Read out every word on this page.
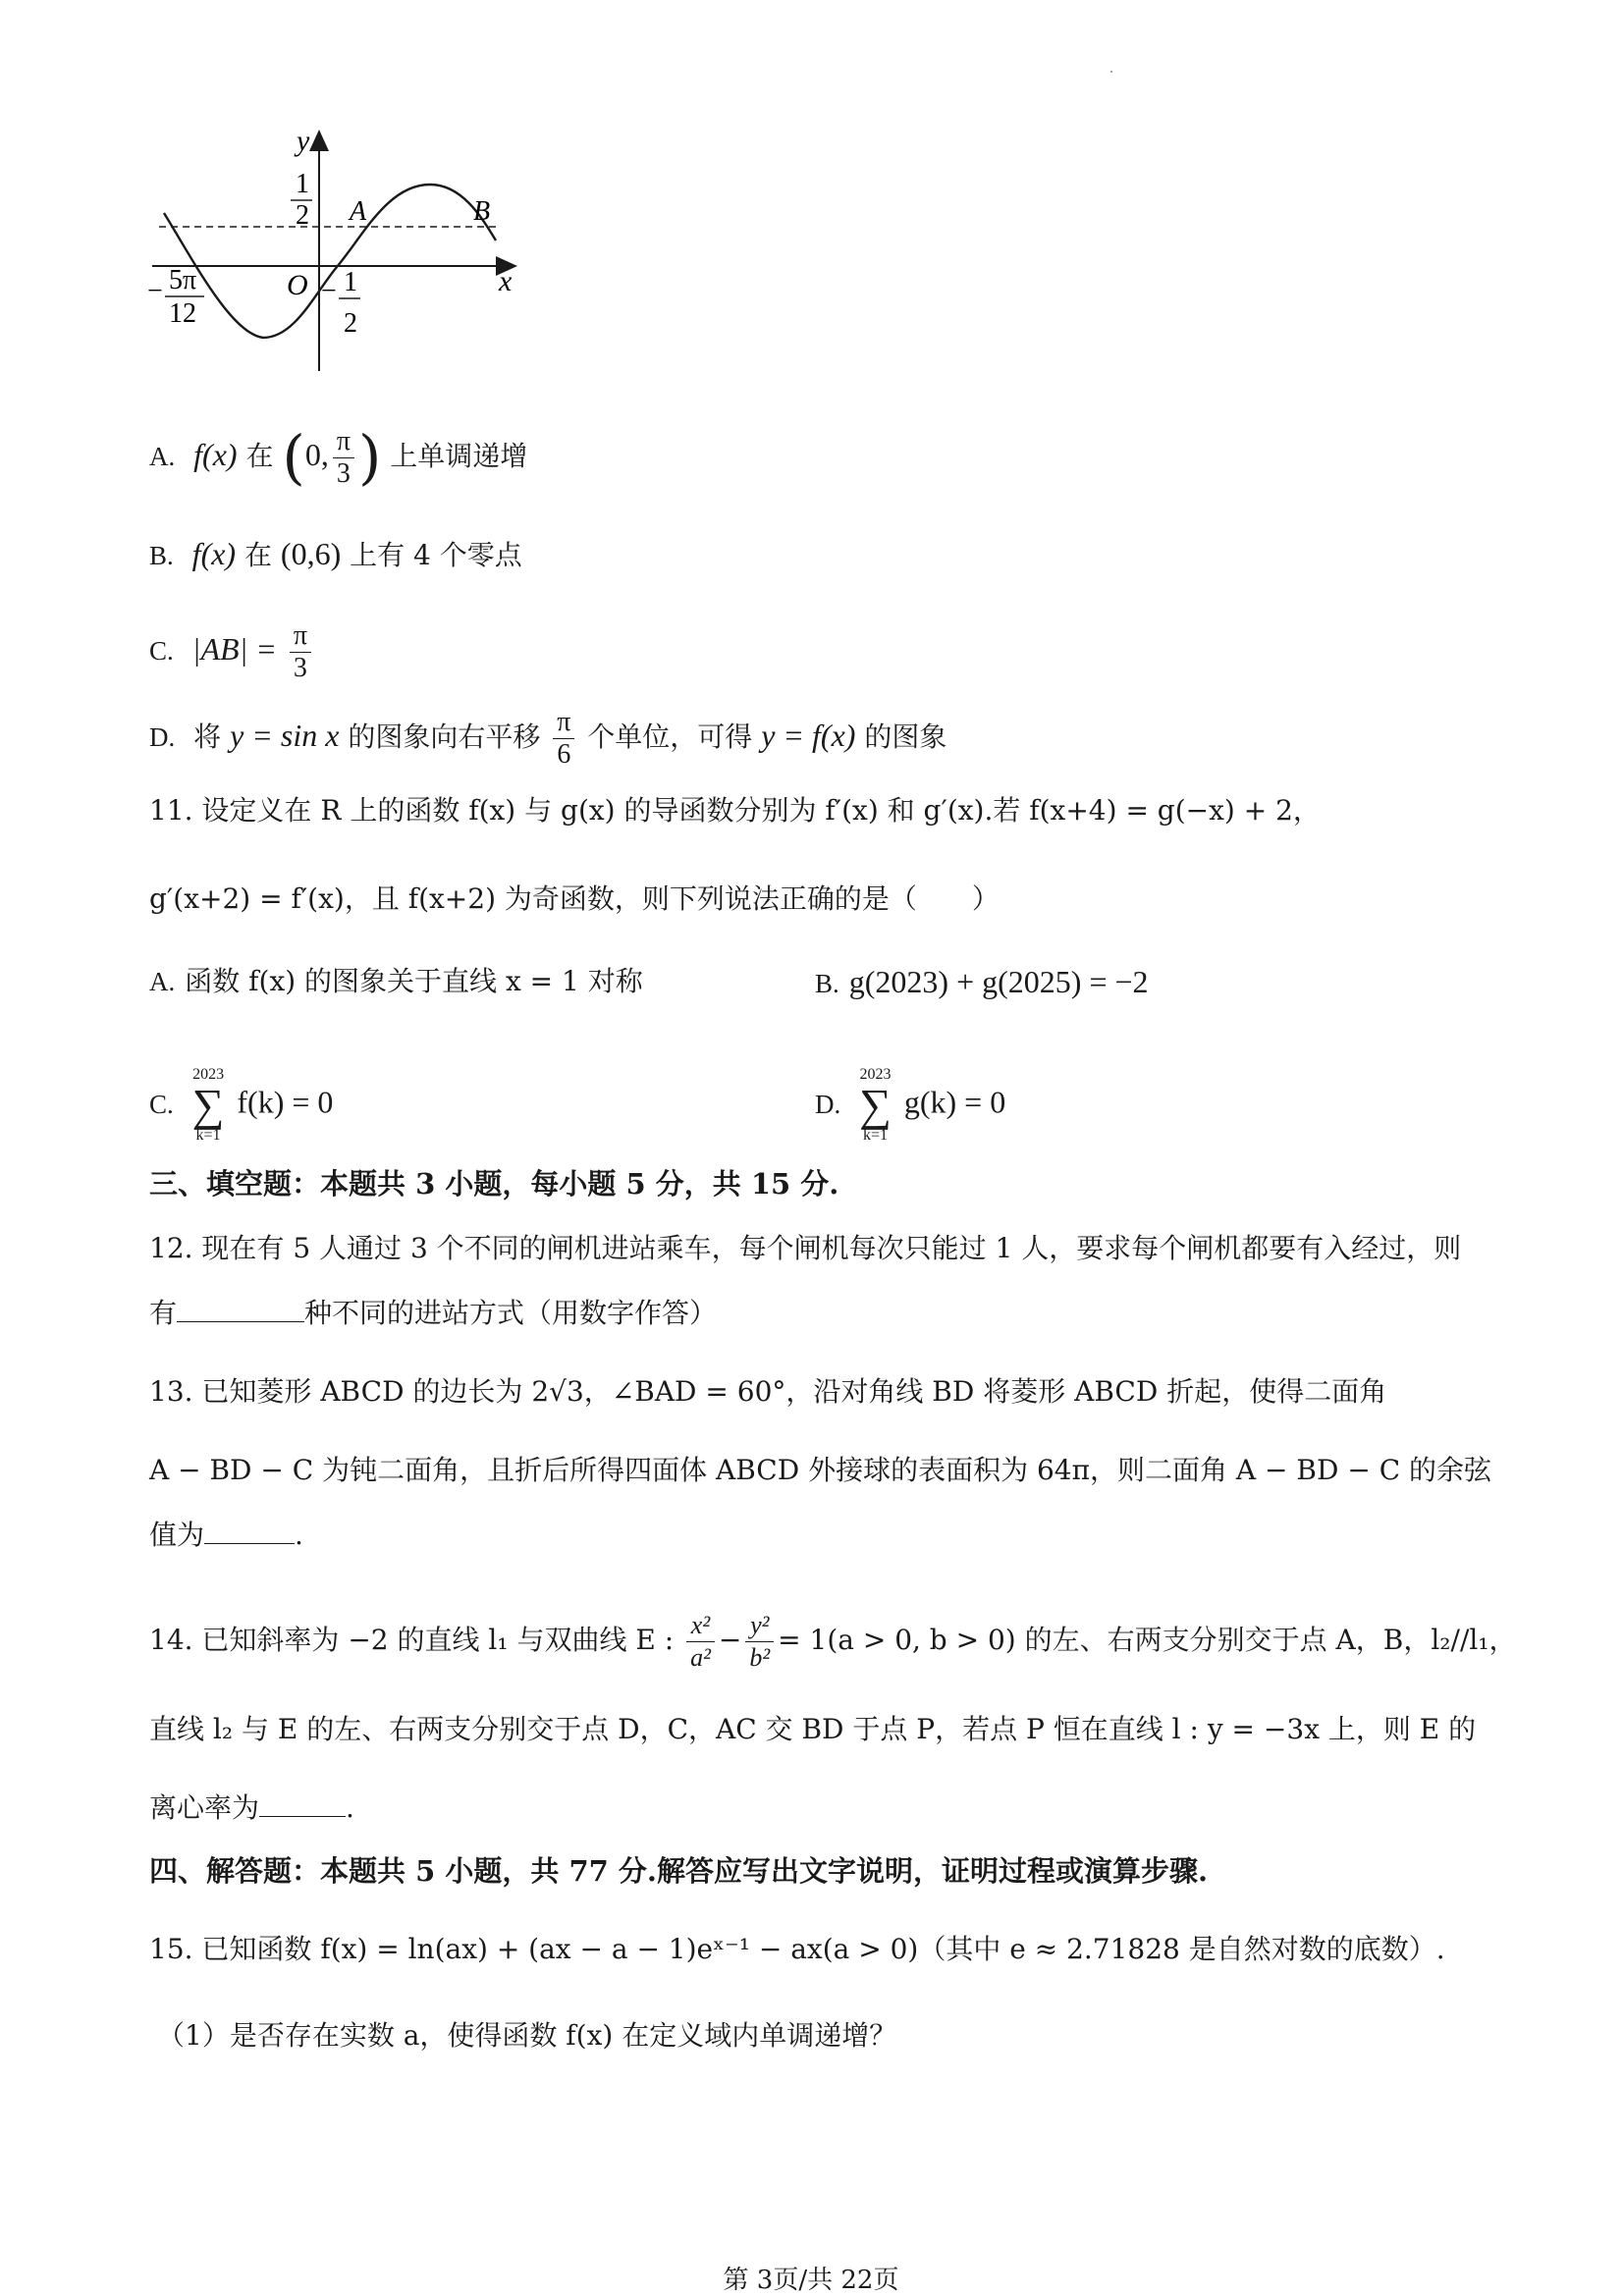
y
x
O
1
2
− 1
2
A	B
− 5π
12
A. f(x) 在 (0, $\frac{\pi}{3}$ ) 上单调递增
B. f(x) 在 (0,6) 上有 4 个零点
C. $|AB| = \frac{\pi}{3}$
D. 将 y = sin x 的图象向右平移 $\frac{\pi}{6}$ 个单位，可得 y = f(x) 的图象
11. 设定义在 R 上的函数 f(x) 与 g(x) 的导函数分别为 f′(x) 和 g′(x).若 f(x+4) = g(−x) + 2，
g′(x+2) = f′(x)，且 f(x+2) 为奇函数，则下列说法正确的是（　　）
A. 函数 f(x) 的图象关于直线 x = 1 对称	B. g(2023) + g(2025) = −2
C.
2023
∑
k=1
f(k) = 0	D.
2023
∑
k=1
g(k) = 0
三、填空题：本题共 3 小题，每小题 5 分，共 15 分.
12. 现在有 5 人通过 3 个不同的闸机进站乘车，每个闸机每次只能过 1 人，要求每个闸机都要有入经过，则
有	种不同的进站方式（用数字作答）
13. 已知菱形 ABCD 的边长为 2√3，∠BAD = 60°，沿对角线 BD 将菱形 ABCD 折起，使得二面角
A − BD − C 为钝二面角，且折后所得四面体 ABCD 外接球的表面积为 64π，则二面角 A − BD − C 的余弦
值为	.
14. 已知斜率为 −2 的直线 l₁ 与双曲线 E : $\frac{\text{x²}}{\text{a²}} - \frac{\text{y²}}{\text{b²}} = 1(a > 0$, b > 0) 的左、右两支分别交于点 A，B，l₂//l₁，
直线 l₂ 与 E 的左、右两支分别交于点 D，C，AC 交 BD 于点 P，若点 P 恒在直线 l : y = −3x 上，则 E 的
离心率为	.
四、解答题：本题共 5 小题，共 77 分.解答应写出文字说明，证明过程或演算步骤.
15. 已知函数 f(x) = ln(ax) + (ax − a − 1)eˣ⁻¹ − ax(a > 0)（其中 e ≈ 2.71828 是自然对数的底数）.
（1）是否存在实数 a，使得函数 f(x) 在定义域内单调递增？
第 3页/共 22页
